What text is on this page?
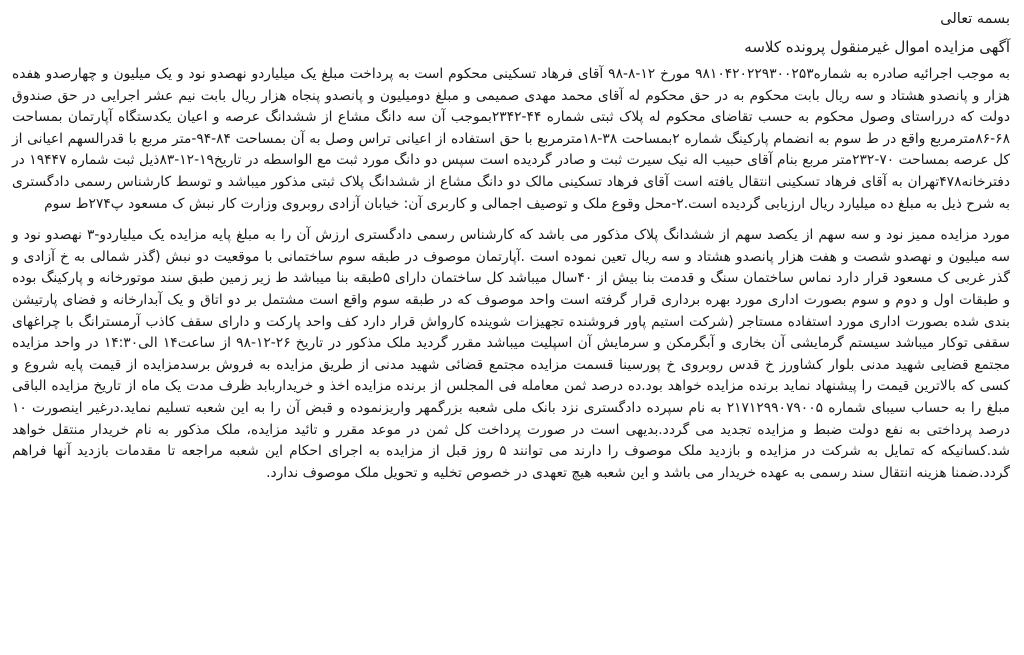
بسمه تعالی
آگهی مزایده اموال غیرمنقول پرونده کلاسه

به موجب اجرائیه صادره به شماره۹۸۱۰۴۲۰۲۲۹۳۰۰۲۵۳ مورخ ۱۲-۸-۹۸ آقای فرهاد تسکینی محکوم است به پرداخت مبلغ یک میلیاردو نهصدو نود و یک میلیون و چهارصدو هفده هزار و پانصدو هشتاد و سه ریال بابت محکوم به در حق محکوم له آقای محمد مهدی صمیمی و مبلغ دومیلیون و پانصدو پنجاه هزار ریال بابت نیم عشر اجرایی در حق صندوق دولت که درراستای وصول محکوم به حسب تقاضای محکوم له پلاک ثبتی شماره ۴۴-۲۳۴۲بموجب آن سه دانگ مشاع از ششدانگ عرصه و اعیان یکدستگاه آپارتمان بمساحت ۶۸-۸۶مترمربع واقع در ط سوم به انضمام پارکینگ شماره ۲بمساحت ۳۸-۱۸مترمربع با حق استفاده از اعیانی تراس وصل به آن بمساحت ۸۴-۹۴-متر مربع با قدرالسهم اعیانی از کل عرصه بمساحت ۷۰-۲۳۲متر مربع بنام آقای حبیب اله نیک سیرت ثبت و صادر گردیده است سپس دو دانگ مورد ثبت مع الواسطه در تاریخ۱۹-۱۲-۸۳ذیل ثبت شماره ۱۹۴۴۷ در دفترخانه۴۷۸تهران به آقای فرهاد تسکینی انتقال یافته است آقای فرهاد تسکینی مالک دو دانگ مشاع از ششدانگ پلاک ثبتی مذکور میباشد و توسط کارشناس رسمی دادگستری به شرح ذیل به مبلغ ده میلیارد ریال ارزیابی گردیده است.۲-محل وقوع ملک و توصیف اجمالی و کاربری آن: خیابان آزادی روبروی وزارت کار نبش ک مسعود پ۲۷۴ط سوم

مورد مزایده ممیز نود و سه سهم از یکصد سهم از ششدانگ پلاک مذکور می باشد که کارشناس رسمی دادگستری ارزش آن را به مبلغ پایه مزایده یک میلیاردو-۳ نهصدو نود و سه میلیون و نهصدو شصت و هفت هزار پانصدو هشتاد و سه ریال تعین نموده است .آپارتمان موصوف در طبقه سوم ساختمانی با موقعیت دو نبش (گذر شمالی به خ آزادی و گذر غربی ک مسعود قرار دارد نماس ساختمان سنگ و قدمت بنا بیش از ۴۰سال میباشد کل ساختمان دارای ۵طبقه بنا میباشد ط زیر زمین طبق سند موتورخانه و پارکینگ بوده و طبقات اول و دوم و سوم بصورت اداری مورد بهره برداری قرار گرفته است واحد موصوف که در طبقه سوم واقع است مشتمل بر دو اتاق و یک آبدارخانه و فضای پارتیشن بندی شده بصورت اداری مورد استفاده مستاجر (شرکت استیم پاور فروشنده تجهیزات شوینده کارواش قرار دارد کف واحد پارکت و دارای سقف کاذب آرمسترانگ با چراغهای سقفی توکار میباشد سیستم گرمایشی آن بخاری و آبگرمکن و سرمایش آن اسپلیت میباشد مقرر گردید ملک مذکور در تاریخ ۲۶-۱۲-۹۸ از ساعت۱۴ الی۱۴:۳۰ در واحد مزایده مجتمع قضایی شهید مدنی بلوار کشاورز خ قدس روبروی خ پورسینا قسمت مزایده مجتمع قضائی شهید مدنی از طریق مزایده به فروش برسدمزایده از قیمت پایه شروع و کسی که بالاترین قیمت را پیشنهاد نماید برنده مزایده خواهد بود.ده درصد ثمن معامله فی المجلس از برنده مزایده اخذ و خریداربابد ظرف مدت یک ماه از تاریخ مزایده الباقی مبلغ را به حساب سیبای شماره ۲۱۷۱۲۹۹۰۷۹۰۰۵ به نام سپرده دادگستری نزد بانک ملی شعبه بزرگمهر واریزنموده و قبض آن را به این شعبه تسلیم نماید.درغیر اینصورت ۱۰ درصد پرداختی به نفع دولت ضبط و مزایده تجدید می گردد.بدیهی است در صورت پرداخت کل ثمن در موعد مقرر و تائید مزایده، ملک مذکور به نام خریدار منتقل خواهد شد.کسانیکه که تمایل به شرکت در مزایده و بازدید ملک موصوف را دارند می توانند ۵ روز قبل از مزایده به اجرای احکام این شعبه مراجعه تا مقدمات بازدید آنها فراهم گردد.ضمنا هزینه انتقال سند رسمی به عهده خریدار می باشد و این شعبه هیچ تعهدی در خصوص تخلیه و تحویل ملک موصوف ندارد.
